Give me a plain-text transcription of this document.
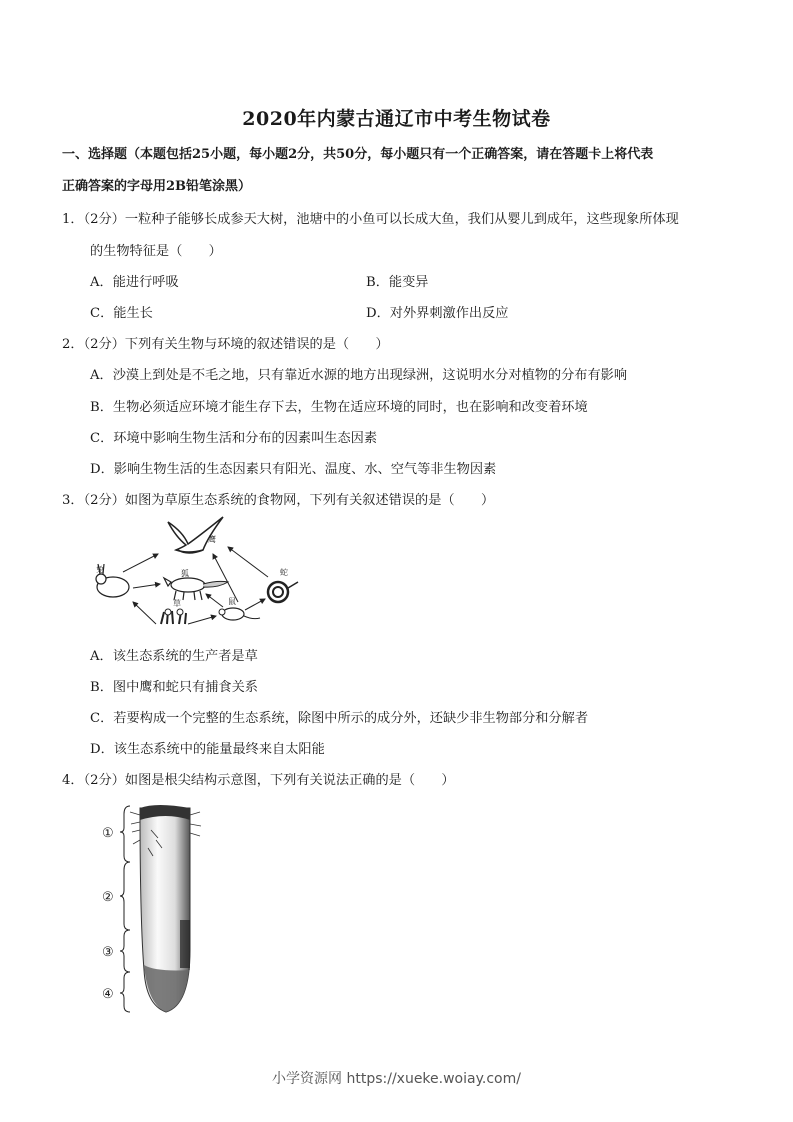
2020年内蒙古通辽市中考生物试卷
一、选择题（本题包括25小题，每小题2分，共50分，每小题只有一个正确答案，请在答题卡上将代表
正确答案的字母用2B铅笔涂黑）
1．（2分）一粒种子能够长成参天大树，池塘中的小鱼可以长成大鱼，我们从婴儿到成年，这些现象所体现
的生物特征是（　　）
A．能进行呼吸	B．能变异
C．能生长	D．对外界刺激作出反应
2．（2分）下列有关生物与环境的叙述错误的是（　　）
A．沙漠上到处是不毛之地，只有靠近水源的地方出现绿洲，这说明水分对植物的分布有影响
B．生物必须适应环境才能生存下去，生物在适应环境的同时，也在影响和改变着环境
C．环境中影响生物生活和分布的因素叫生态因素
D．影响生物生活的生态因素只有阳光、温度、水、空气等非生物因素
3．（2分）如图为草原生态系统的食物网，下列有关叙述错误的是（　　）
鹰
兔	狐	蛇
草	鼠
A．该生态系统的生产者是草
B．图中鹰和蛇只有捕食关系
C．若要构成一个完整的生态系统，除图中所示的成分外，还缺少非生物部分和分解者
D．该生态系统中的能量最终来自太阳能
4．（2分）如图是根尖结构示意图，下列有关说法正确的是（　　）
①
②
③
④
小学资源网 https://xueke.woiay.com/
